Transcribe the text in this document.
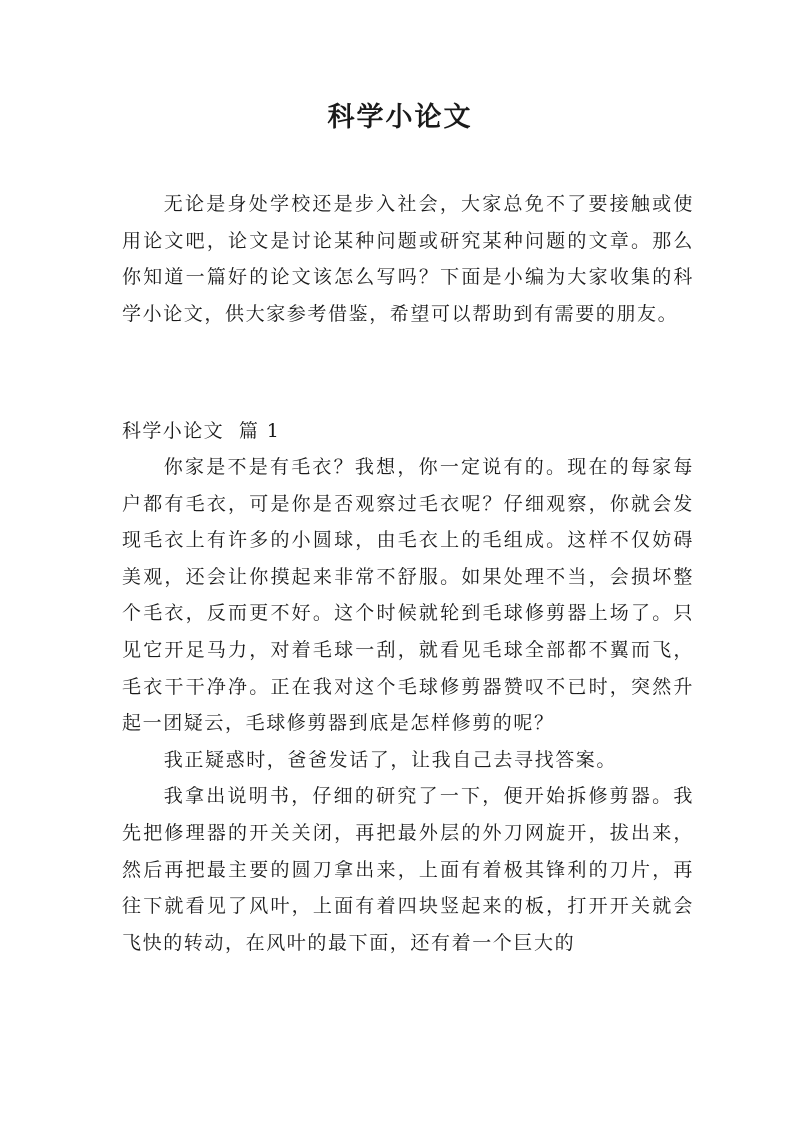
科学小论文

无论是身处学校还是步入社会，大家总免不了要接触或使用论文吧，论文是讨论某种问题或研究某种问题的文章。那么你知道一篇好的论文该怎么写吗？下面是小编为大家收集的科学小论文，供大家参考借鉴，希望可以帮助到有需要的朋友。

科学小论文  篇 1

你家是不是有毛衣？我想，你一定说有的。现在的每家每户都有毛衣，可是你是否观察过毛衣呢？仔细观察，你就会发现毛衣上有许多的小圆球，由毛衣上的毛组成。这样不仅妨碍美观，还会让你摸起来非常不舒服。如果处理不当，会损坏整个毛衣，反而更不好。这个时候就轮到毛球修剪器上场了。只见它开足马力，对着毛球一刮，就看见毛球全部都不翼而飞，毛衣干干净净。正在我对这个毛球修剪器赞叹不已时，突然升起一团疑云，毛球修剪器到底是怎样修剪的呢？

我正疑惑时，爸爸发话了，让我自己去寻找答案。

我拿出说明书，仔细的研究了一下，便开始拆修剪器。我先把修理器的开关关闭，再把最外层的外刀网旋开，拔出来，然后再把最主要的圆刀拿出来，上面有着极其锋利的刀片，再往下就看见了风叶，上面有着四块竖起来的板，打开开关就会飞快的转动，在风叶的最下面，还有着一个巨大的
